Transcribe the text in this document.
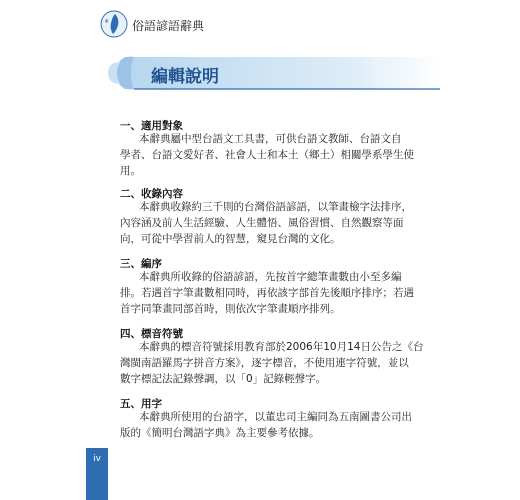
俗語諺語辭典
編輯說明
一、適用對象
本辭典屬中型台語文工具書，可供台語文教師、台語文自
學者、台語文愛好者、社會人士和本土（鄉土）相關學系學生使
用。
二、收錄內容
本辭典收錄約三千則的台灣俗語諺語，以筆畫檢字法排序，
內容涵及前人生活經驗、人生體悟、風俗習慣、自然觀察等面
向，可從中學習前人的智慧，窺見台灣的文化。
三、編序
本辭典所收錄的俗語諺語，先按首字總筆畫數由小至多編
排。若遇首字筆畫數相同時，再依該字部首先後順序排序；若遇
首字同筆畫同部首時，則依次字筆畫順序排列。
四、標音符號
本辭典的標音符號採用教育部於2006年10月14日公告之《台
灣閩南語羅馬字拼音方案》，逐字標音，不使用連字符號，並以
數字標記法記錄聲調，以「0」記錄輕聲字。
五、用字
本辭典所使用的台語字，以董忠司主編同為五南圖書公司出
版的《簡明台灣語字典》為主要參考依據。
iv
